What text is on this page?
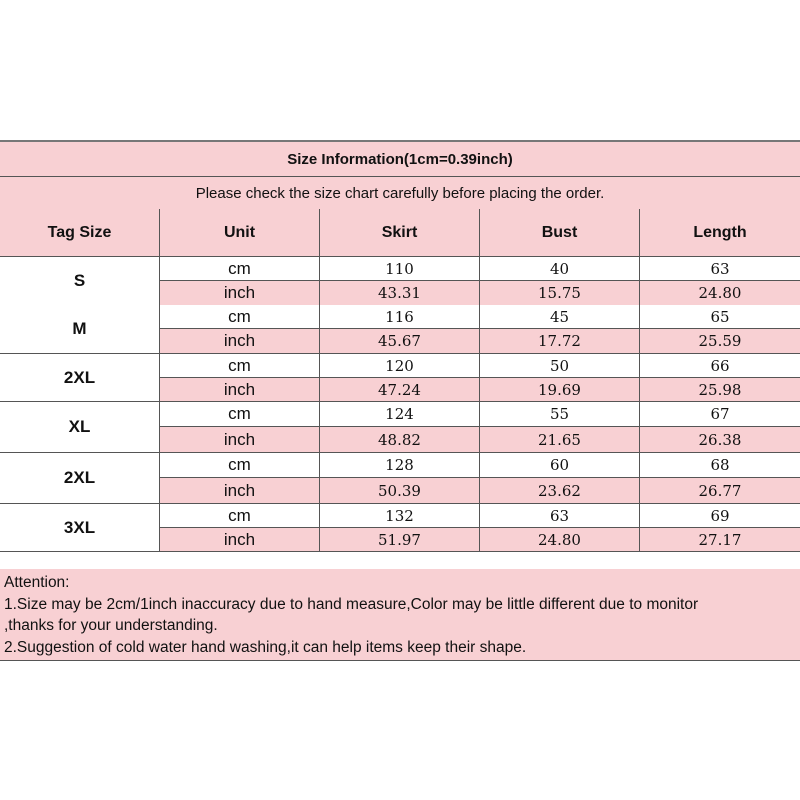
Size Information(1cm=0.39inch)
Please check the size chart carefully before placing the order.
Tag Size	Unit	Skirt	Bust	Length
S
cm	110	40	63
inch	43.31	15.75	24.80
M
cm	116	45	65
inch	45.67	17.72	25.59
2XL
cm	120	50	66
inch	47.24	19.69	25.98
XL
cm	124	55	67
inch	48.82	21.65	26.38
2XL
cm	128	60	68
inch	50.39	23.62	26.77
3XL
cm	132	63	69
inch	51.97	24.80	27.17
Attention:
1.Size may be 2cm/1inch inaccuracy due to hand measure,Color may be little different due to monitor
,thanks for your understanding.
2.Suggestion of cold water hand washing,it can help items keep their shape.
